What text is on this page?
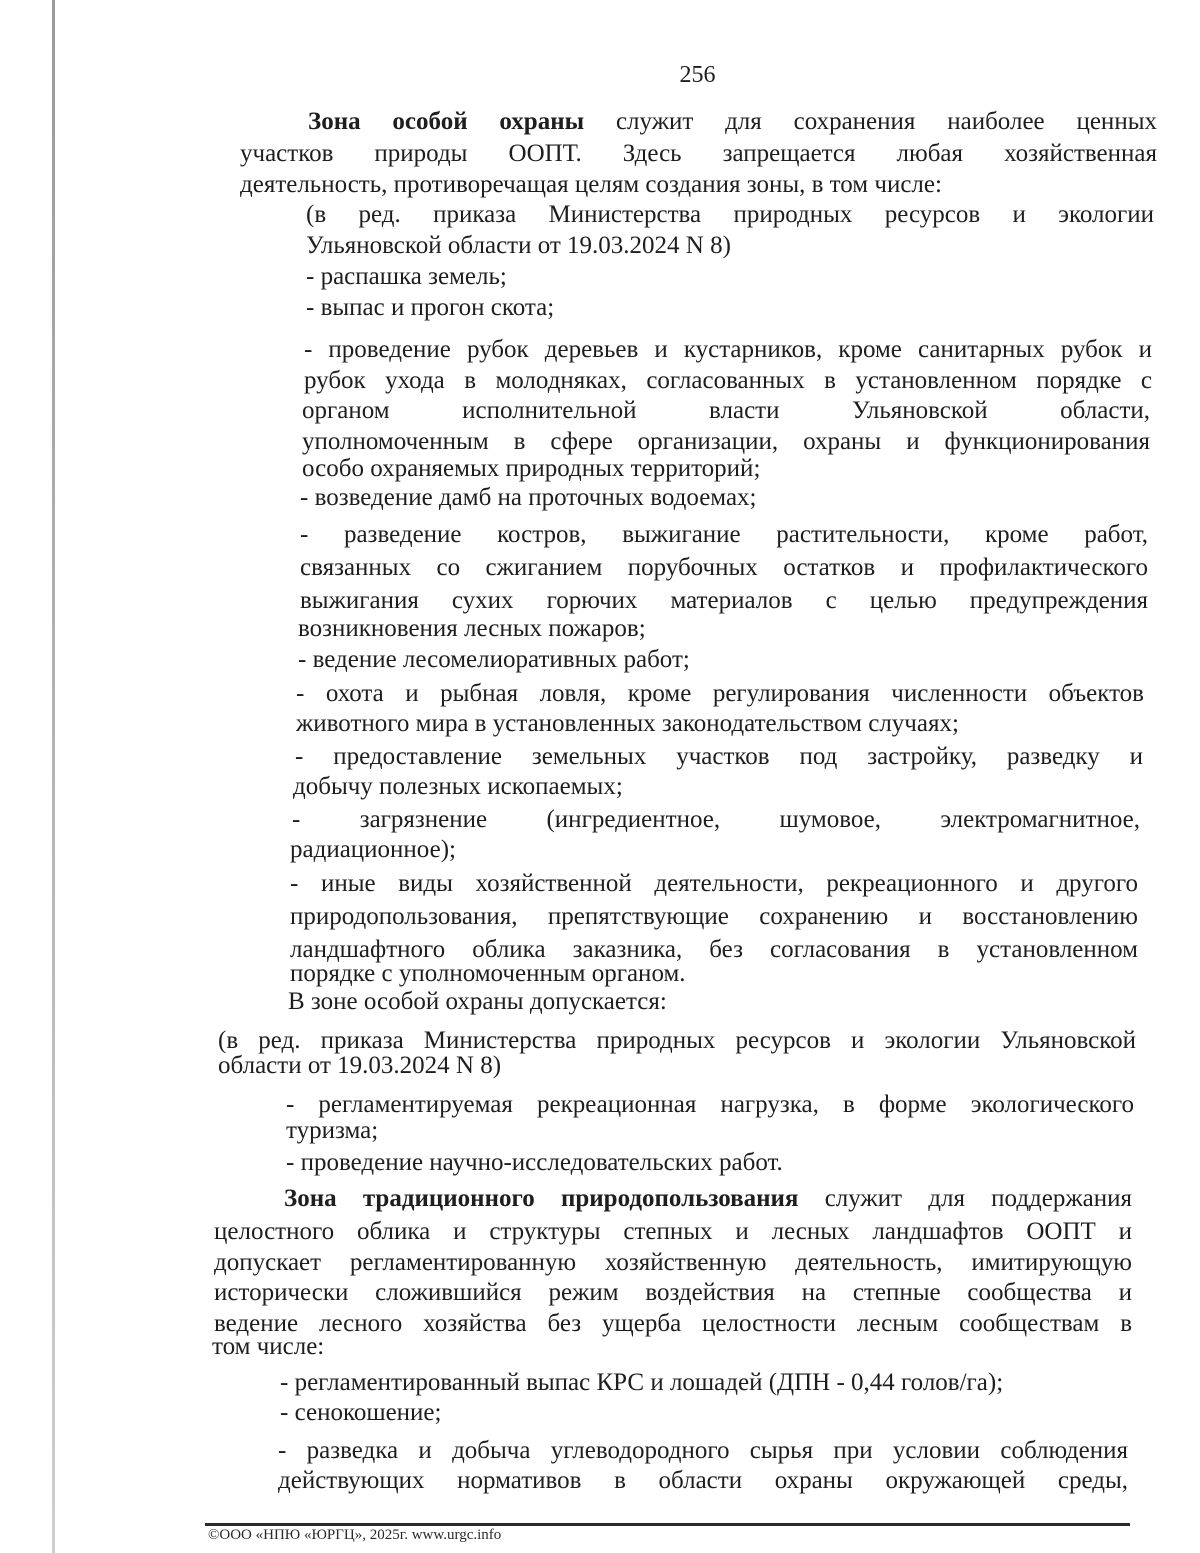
256
Зона особой охраны служит для сохранения наиболее ценных
участков природы ООПТ. Здесь запрещается любая хозяйственная
деятельность, противоречащая целям создания зоны, в том числе:
(в ред. приказа Министерства природных ресурсов и экологии
Ульяновской области от 19.03.2024 N 8)
- распашка земель;
- выпас и прогон скота;
- проведение рубок деревьев и кустарников, кроме санитарных рубок и
рубок ухода в молодняках, согласованных в установленном порядке с
органом исполнительной власти Ульяновской области,
уполномоченным в сфере организации, охраны и функционирования
особо охраняемых природных территорий;
- возведение дамб на проточных водоемах;
- разведение костров, выжигание растительности, кроме работ,
связанных со сжиганием порубочных остатков и профилактического
выжигания сухих горючих материалов с целью предупреждения
возникновения лесных пожаров;
- ведение лесомелиоративных работ;
- охота и рыбная ловля, кроме регулирования численности объектов
животного мира в установленных законодательством случаях;
- предоставление земельных участков под застройку, разведку и
добычу полезных ископаемых;
- загрязнение (ингредиентное, шумовое, электромагнитное,
радиационное);
- иные виды хозяйственной деятельности, рекреационного и другого
природопользования, препятствующие сохранению и восстановлению
ландшафтного облика заказника, без согласования в установленном
порядке с уполномоченным органом.
В зоне особой охраны допускается:
(в ред. приказа Министерства природных ресурсов и экологии Ульяновской
области от 19.03.2024 N 8)
- регламентируемая рекреационная нагрузка, в форме экологического
туризма;
- проведение научно-исследовательских работ.
Зона традиционного природопользования служит для поддержания
целостного облика и структуры степных и лесных ландшафтов ООПТ и
допускает регламентированную хозяйственную деятельность, имитирующую
исторически сложившийся режим воздействия на степные сообщества и
ведение лесного хозяйства без ущерба целостности лесным сообществам в
том числе:
- регламентированный выпас КРС и лошадей (ДПН - 0,44 голов/га);
- сенокошение;
- разведка и добыча углеводородного сырья при условии соблюдения
действующих нормативов в области охраны окружающей среды,
©ООО «НПЮ «ЮРГЦ», 2025г. www.urgc.info
